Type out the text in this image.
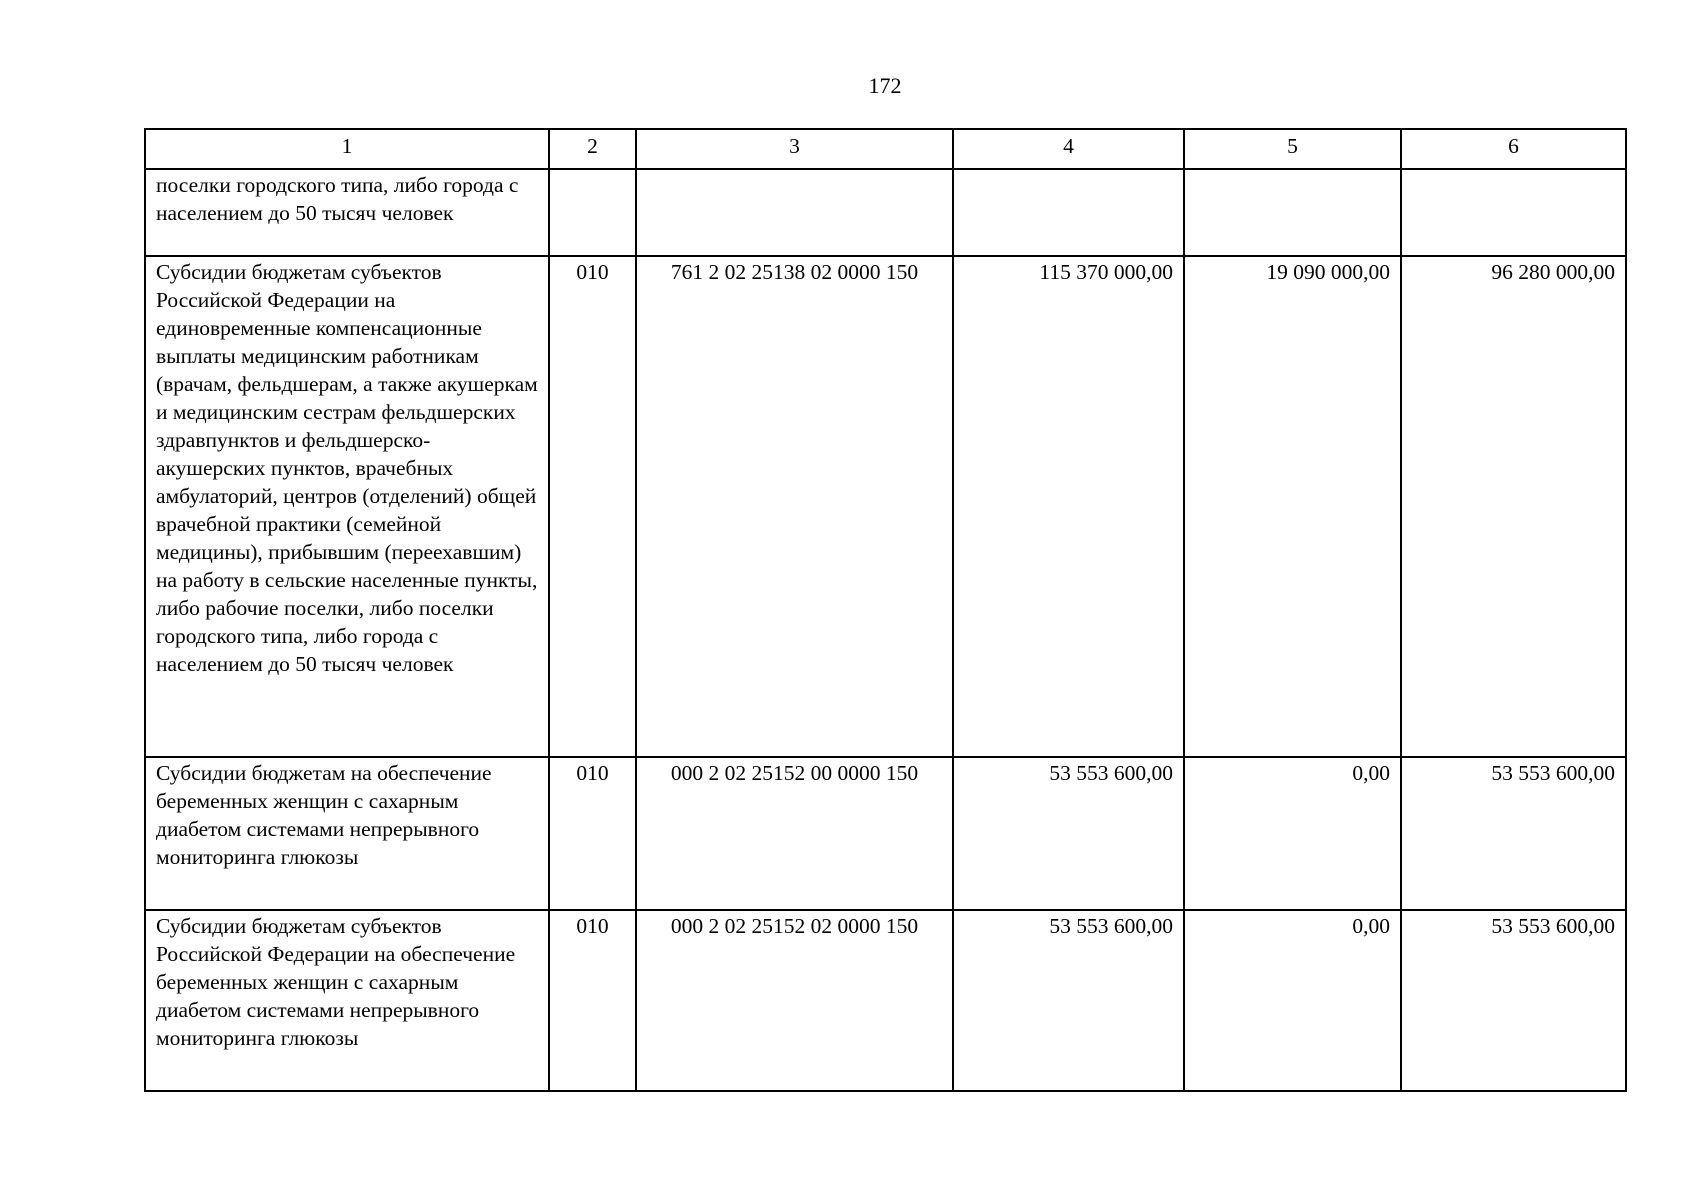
172
1	2	3	4	5	6
поселки городского типа, либо города с населением до 50 тысяч человек					
Субсидии бюджетам субъектов Российской Федерации на единовременные компенсационные выплаты медицинским работникам (врачам, фельдшерам, а также акушеркам и медицинским сестрам фельдшерских здравпунктов и фельдшерско-акушерских пунктов, врачебных амбулаторий, центров (отделений) общей врачебной практики (семейной медицины), прибывшим (переехавшим) на работу в сельские населенные пункты, либо рабочие поселки, либо поселки городского типа, либо города с населением до 50 тысяч человек	010	761 2 02 25138 02 0000 150	115 370 000,00	19 090 000,00	96 280 000,00
Субсидии бюджетам на обеспечение беременных женщин с сахарным диабетом системами непрерывного мониторинга глюкозы	010	000 2 02 25152 00 0000 150	53 553 600,00	0,00	53 553 600,00
Субсидии бюджетам субъектов Российской Федерации на обеспечение беременных женщин с сахарным диабетом системами непрерывного мониторинга глюкозы	010	000 2 02 25152 02 0000 150	53 553 600,00	0,00	53 553 600,00
